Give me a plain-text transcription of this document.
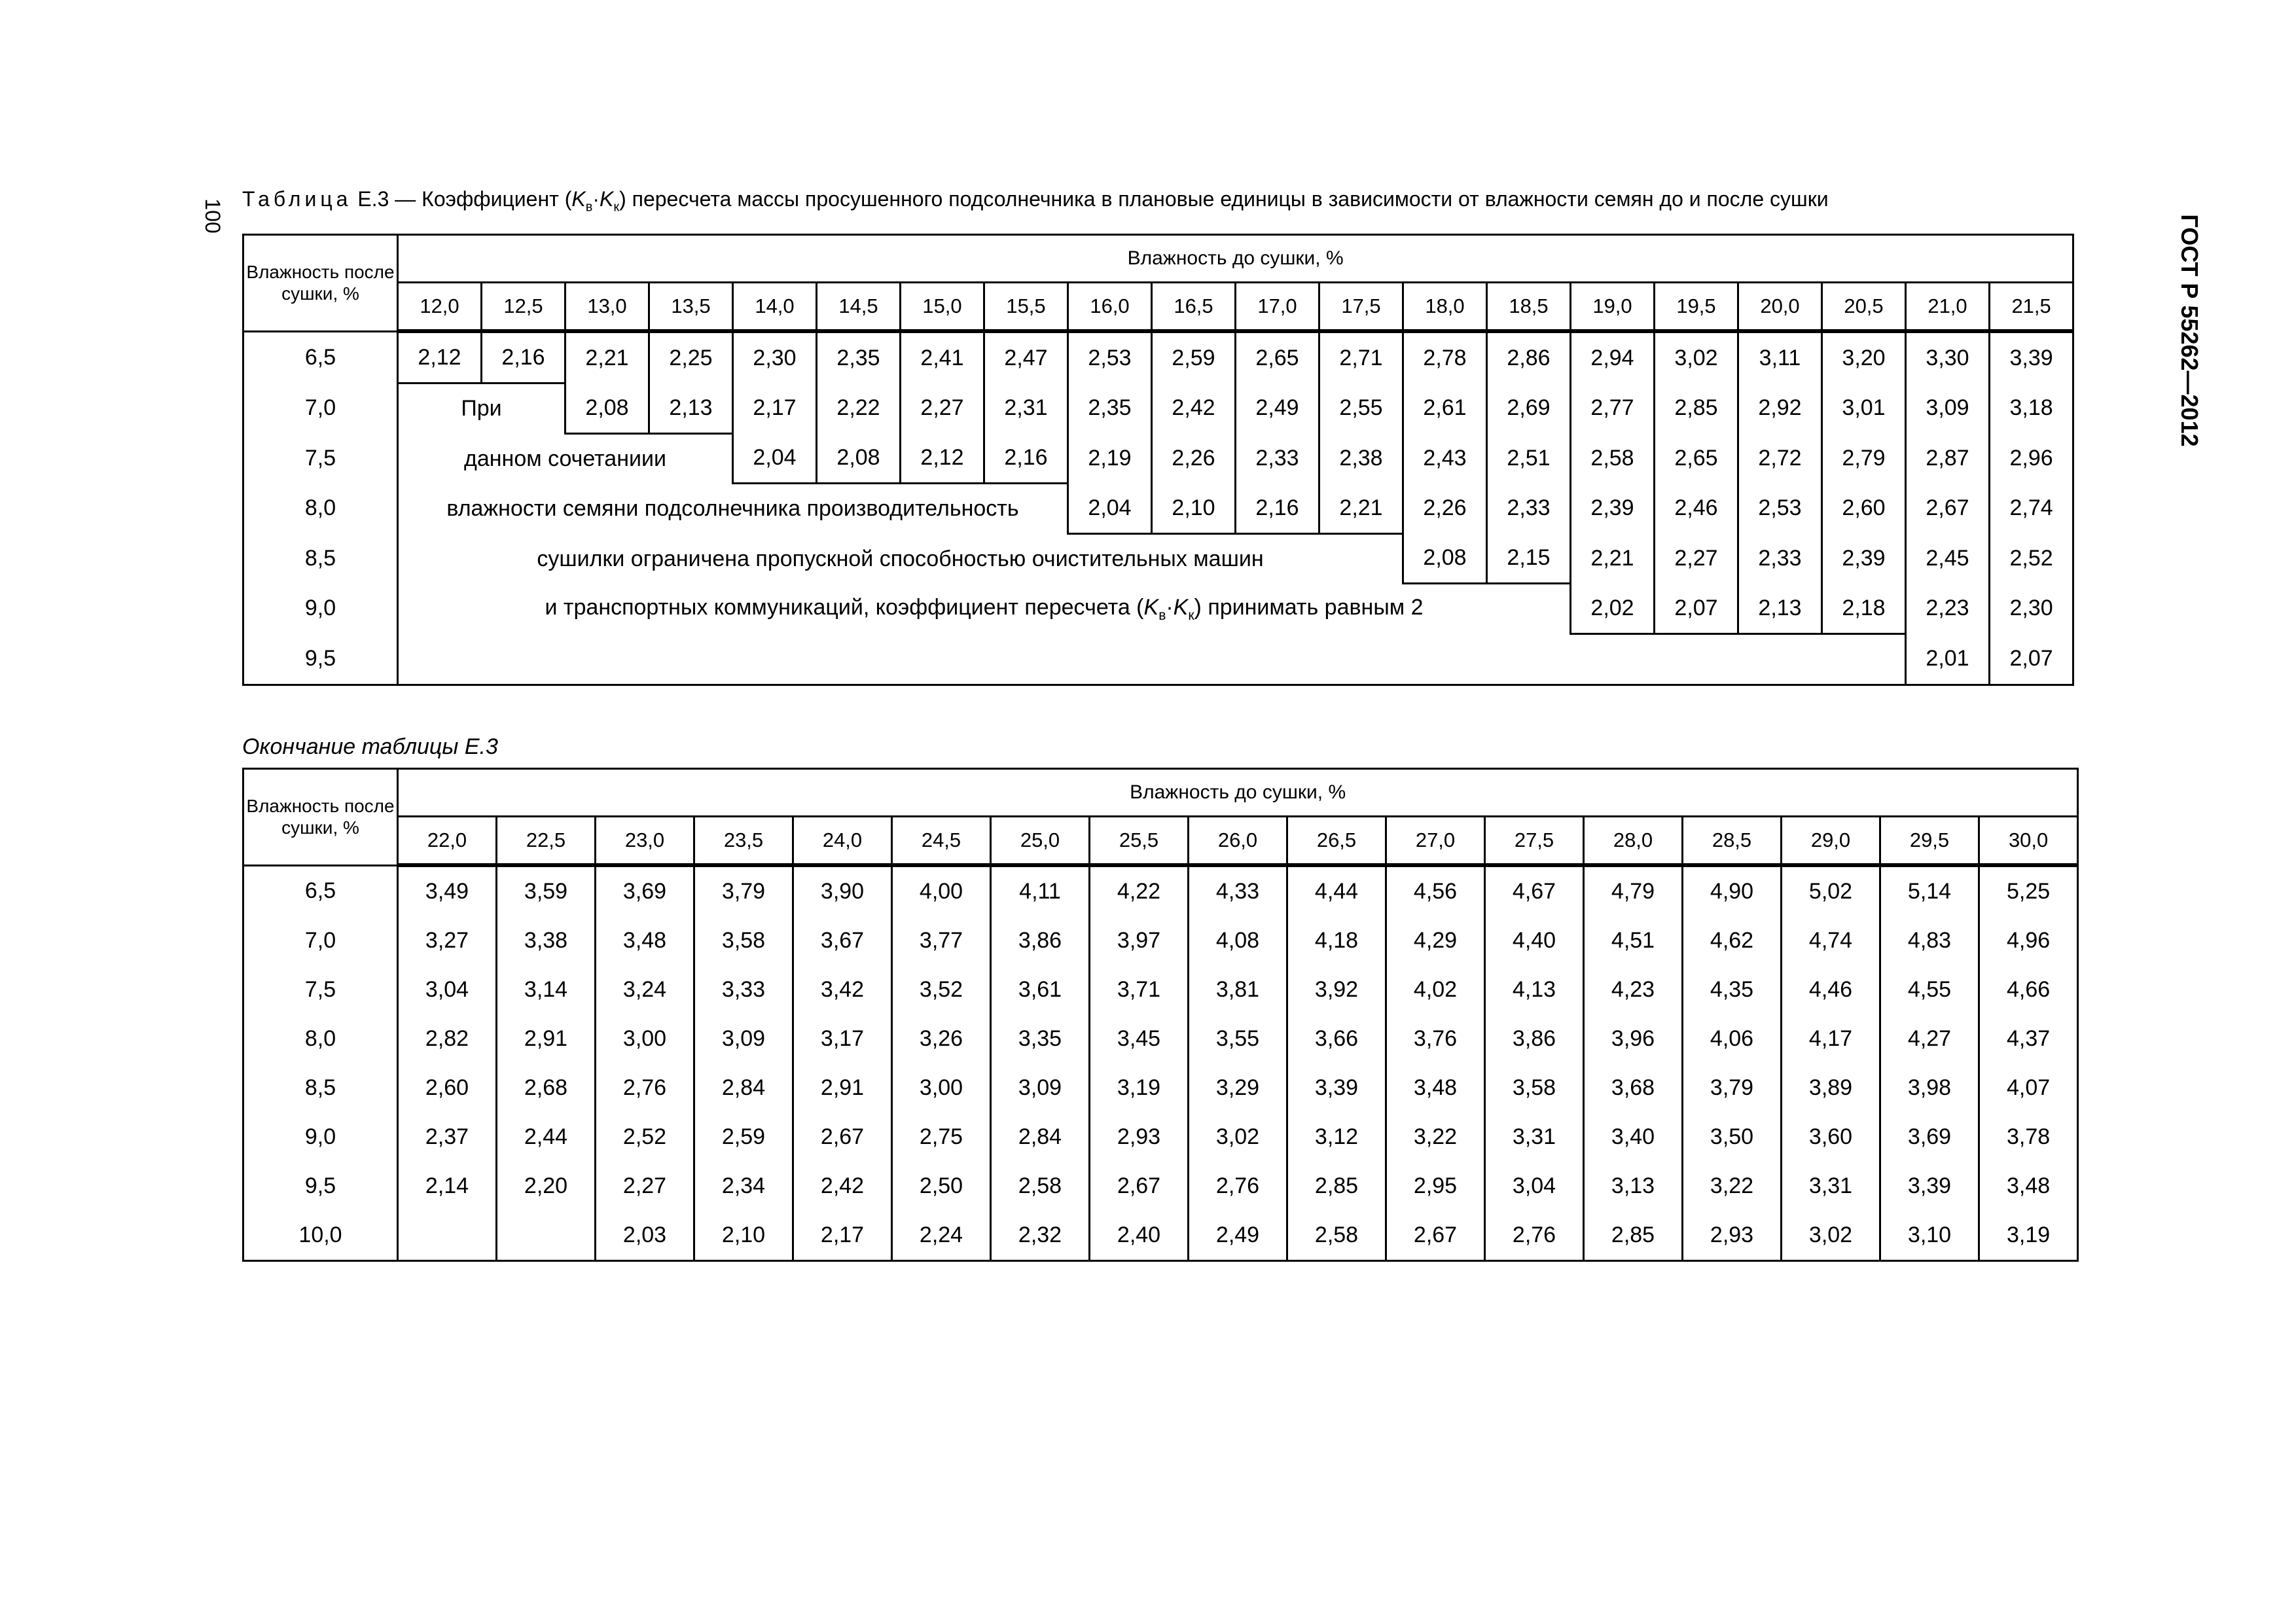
100	ГОСТ Р 55262—2012
Таблица Е.3 — Коэффициент $(K_в\cdot K_к)$ пересчета массы просушенного подсолнечника в плановые единицы в зависимости от влажности семян до и после сушки
Влажность после сушки, %	Влажность до сушки, %																			
	12,0	12,5	13,0	13,5	14,0	14,5	15,0	15,5	16,0	16,5	17,0	17,5	18,0	18,5	19,0	19,5	20,0	20,5	21,0	21,5
6,5	2,12	2,16	2,21	2,25	2,30	2,35	2,41	2,47	2,53	2,59	2,65	2,71	2,78	2,86	2,94	3,02	3,11	3,20	3,30	3,39
7,0	При		2,08	2,13	2,17	2,22	2,27	2,31	2,35	2,42	2,49	2,55	2,61	2,69	2,77	2,85	2,92	3,01	3,09	3,18
7,5	данном сочетаниии				2,04	2,08	2,12	2,16	2,19	2,26	2,33	2,38	2,43	2,51	2,58	2,65	2,72	2,79	2,87	2,96
8,0	влажности семяни подсолнечника производительность								2,04	2,10	2,16	2,21	2,26	2,33	2,39	2,46	2,53	2,60	2,67	2,74
8,5	сушилки ограничена пропускной способностью очистительных машин												2,08	2,15	2,21	2,27	2,33	2,39	2,45	2,52
9,0	и транспортных коммуникаций, коэффициент пересчета $(K_в\cdot K_к)$ принимать равным 2														2,02	2,07	2,13	2,18	2,23	2,30
9,5																			2,01	2,07
Окончание таблицы Е.3
Влажность после сушки, %	Влажность до сушки, %																
	22,0	22,5	23,0	23,5	24,0	24,5	25,0	25,5	26,0	26,5	27,0	27,5	28,0	28,5	29,0	29,5	30,0
6,5	3,49	3,59	3,69	3,79	3,90	4,00	4,11	4,22	4,33	4,44	4,56	4,67	4,79	4,90	5,02	5,14	5,25
7,0	3,27	3,38	3,48	3,58	3,67	3,77	3,86	3,97	4,08	4,18	4,29	4,40	4,51	4,62	4,74	4,83	4,96
7,5	3,04	3,14	3,24	3,33	3,42	3,52	3,61	3,71	3,81	3,92	4,02	4,13	4,23	4,35	4,46	4,55	4,66
8,0	2,82	2,91	3,00	3,09	3,17	3,26	3,35	3,45	3,55	3,66	3,76	3,86	3,96	4,06	4,17	4,27	4,37
8,5	2,60	2,68	2,76	2,84	2,91	3,00	3,09	3,19	3,29	3,39	3,48	3,58	3,68	3,79	3,89	3,98	4,07
9,0	2,37	2,44	2,52	2,59	2,67	2,75	2,84	2,93	3,02	3,12	3,22	3,31	3,40	3,50	3,60	3,69	3,78
9,5	2,14	2,20	2,27	2,34	2,42	2,50	2,58	2,67	2,76	2,85	2,95	3,04	3,13	3,22	3,31	3,39	3,48
10,0			2,03	2,10	2,17	2,24	2,32	2,40	2,49	2,58	2,67	2,76	2,85	2,93	3,02	3,10	3,19
